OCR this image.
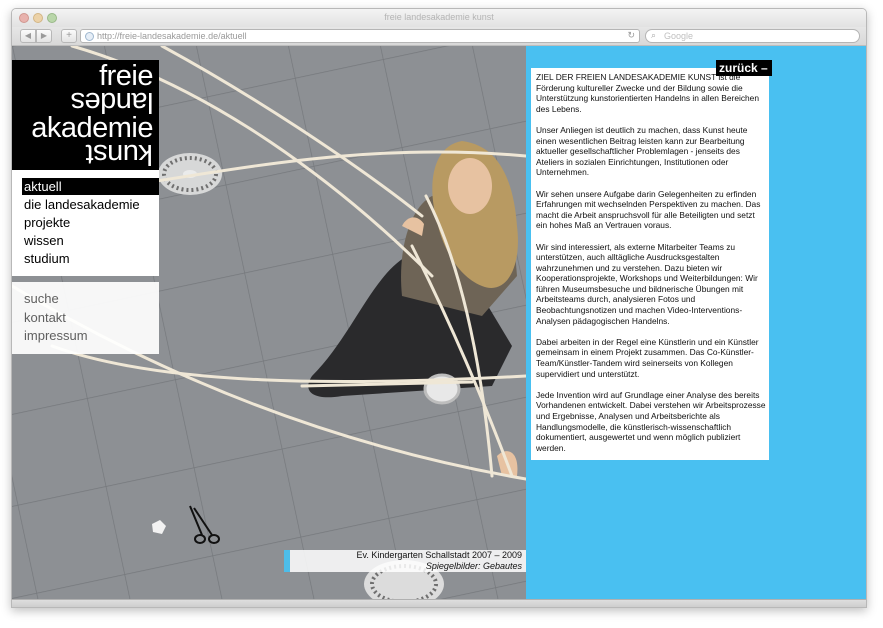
freie landesakademie kunst
◀	▶	+	http://freie-landesakademie.de/aktuell	↻ ⌕ Google
freie
landes
akademie
kunst
aktuell
die landesakademie
projekte
wissen
studium
suche
kontakt
impressum
Ev. Kindergarten Schallstadt 2007 – 2009
Spiegelbilder: Gebautes
zurück –

ZIEL DER FREIEN LANDESAKADEMIE KUNST ist die Förderung kultureller Zwecke und der Bildung sowie die Unterstützung kunstorientierten Handelns in allen Bereichen des Lebens.

Unser Anliegen ist deutlich zu machen, dass Kunst heute einen wesentlichen Beitrag leisten kann zur Bearbeitung aktueller gesellschaftlicher Problemlagen - jenseits des Ateliers in sozialen Einrichtungen, Institutionen oder Unternehmen.

Wir sehen unsere Aufgabe darin Gelegenheiten zu erfinden Erfahrungen mit wechselnden Perspektiven zu machen. Das macht die Arbeit anspruchsvoll für alle Beteiligten und setzt ein hohes Maß an Vertrauen voraus.

Wir sind interessiert, als externe Mitarbeiter Teams zu unterstützen, auch alltägliche Ausdrucksgestalten wahrzunehmen und zu verstehen. Dazu bieten wir Kooperationsprojekte, Workshops und Weiterbildungen: Wir führen Museumsbesuche und bildnerische Übungen mit Arbeitsteams durch, analysieren Fotos und Beobachtungsnotizen und machen Video-Interventions-Analysen pädagogischen Handelns.

Dabei arbeiten in der Regel eine Künstlerin und ein Künstler gemeinsam in einem Projekt zusammen. Das Co-Künstler-Team/Künstler-Tandem wird seinerseits von Kollegen supervidiert und unterstützt.

Jede Invention wird auf Grundlage einer Analyse des bereits Vorhandenen entwickelt. Dabei verstehen wir Arbeitsprozesse und Ergebnisse, Analysen und Arbeitsberichte als Handlungsmodelle, die künstlerisch-wissenschaftlich dokumentiert, ausgewertet und wenn möglich publiziert werden.
